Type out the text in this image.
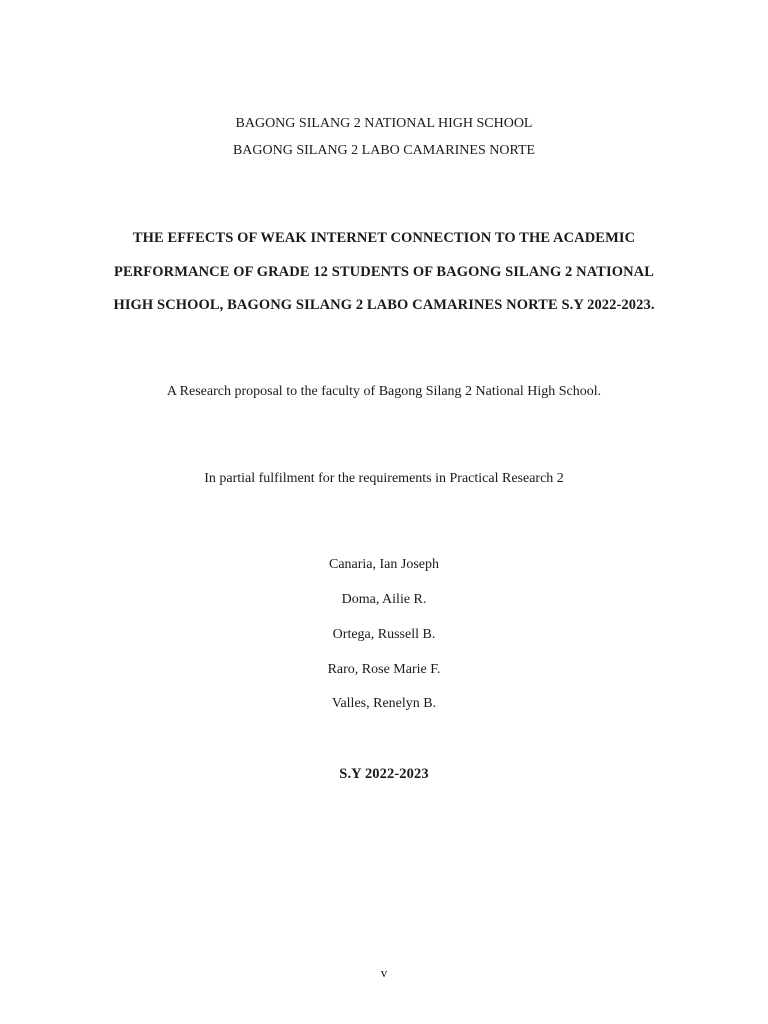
BAGONG SILANG 2 NATIONAL HIGH SCHOOL
BAGONG SILANG 2 LABO CAMARINES NORTE
THE EFFECTS OF WEAK INTERNET CONNECTION TO THE ACADEMIC
PERFORMANCE OF GRADE 12 STUDENTS OF BAGONG SILANG 2 NATIONAL
HIGH SCHOOL, BAGONG SILANG 2 LABO CAMARINES NORTE S.Y 2022-2023.
A Research proposal to the faculty of Bagong Silang 2 National High School.
In partial fulfilment for the requirements in Practical Research 2
Canaria, Ian Joseph
Doma, Ailie R.
Ortega, Russell B.
Raro, Rose Marie F.
Valles, Renelyn B.
S.Y 2022-2023
v
